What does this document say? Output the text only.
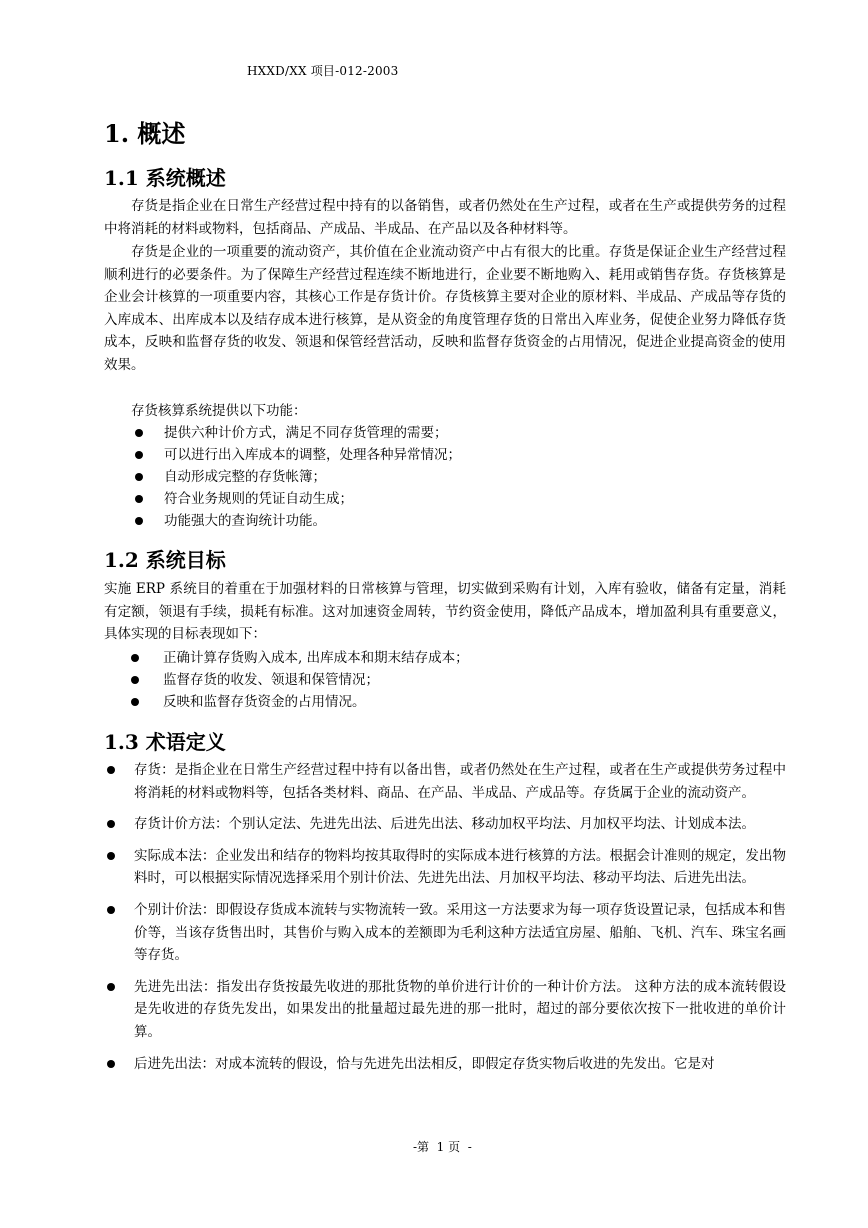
HXXD/XX 项目-012-2003
1. 概述
1.1 系统概述

存货是指企业在日常生产经营过程中持有的以备销售，或者仍然处在生产过程，或者在生产或提供劳务的过程中将消耗的材料或物料，包括商品、产成品、半成品、在产品以及各种材料等。

存货是企业的一项重要的流动资产，其价值在企业流动资产中占有很大的比重。存货是保证企业生产经营过程顺利进行的必要条件。为了保障生产经营过程连续不断地进行，企业要不断地购入、耗用或销售存货。存货核算是企业会计核算的一项重要内容，其核心工作是存货计价。存货核算主要对企业的原材料、半成品、产成品等存货的入库成本、出库成本以及结存成本进行核算，是从资金的角度管理存货的日常出入库业务，促使企业努力降低存货成本，反映和监督存货的收发、领退和保管经营活动，反映和监督存货资金的占用情况，促进企业提高资金的使用效果。

存货核算系统提供以下功能：

提供六种计价方式，满足不同存货管理的需要；
可以进行出入库成本的调整，处理各种异常情况；
自动形成完整的存货帐簿；
符合业务规则的凭证自动生成；
功能强大的查询统计功能。
1.2 系统目标

实施 ERP 系统目的着重在于加强材料的日常核算与管理，切实做到采购有计划，入库有验收，储备有定量，消耗有定额，领退有手续，损耗有标准。这对加速资金周转，节约资金使用，降低产品成本，增加盈利具有重要意义，具体实现的目标表现如下：

正确计算存货购入成本, 出库成本和期末结存成本；
监督存货的收发、领退和保管情况；
反映和监督存货资金的占用情况。
1.3 术语定义
存货：是指企业在日常生产经营过程中持有以备出售，或者仍然处在生产过程，或者在生产或提供劳务过程中将消耗的材料或物料等，包括各类材料、商品、在产品、半成品、产成品等。存货属于企业的流动资产。
存货计价方法：个别认定法、先进先出法、后进先出法、移动加权平均法、月加权平均法、计划成本法。
实际成本法：企业发出和结存的物料均按其取得时的实际成本进行核算的方法。根据会计准则的规定，发出物料时，可以根据实际情况选择采用个别计价法、先进先出法、月加权平均法、移动平均法、后进先出法。
个别计价法：即假设存货成本流转与实物流转一致。采用这一方法要求为每一项存货设置记录，包括成本和售价等，当该存货售出时，其售价与购入成本的差额即为毛利这种方法适宜房屋、船舶、飞机、汽车、珠宝名画等存货。
先进先出法：指发出存货按最先收进的那批货物的单价进行计价的一种计价方法。 这种方法的成本流转假设是先收进的存货先发出，如果发出的批量超过最先进的那一批时，超过的部分要依次按下一批收进的单价计算。
后进先出法：对成本流转的假设，恰与先进先出法相反，即假定存货实物后收进的先发出。它是对
-第  1 页  -
